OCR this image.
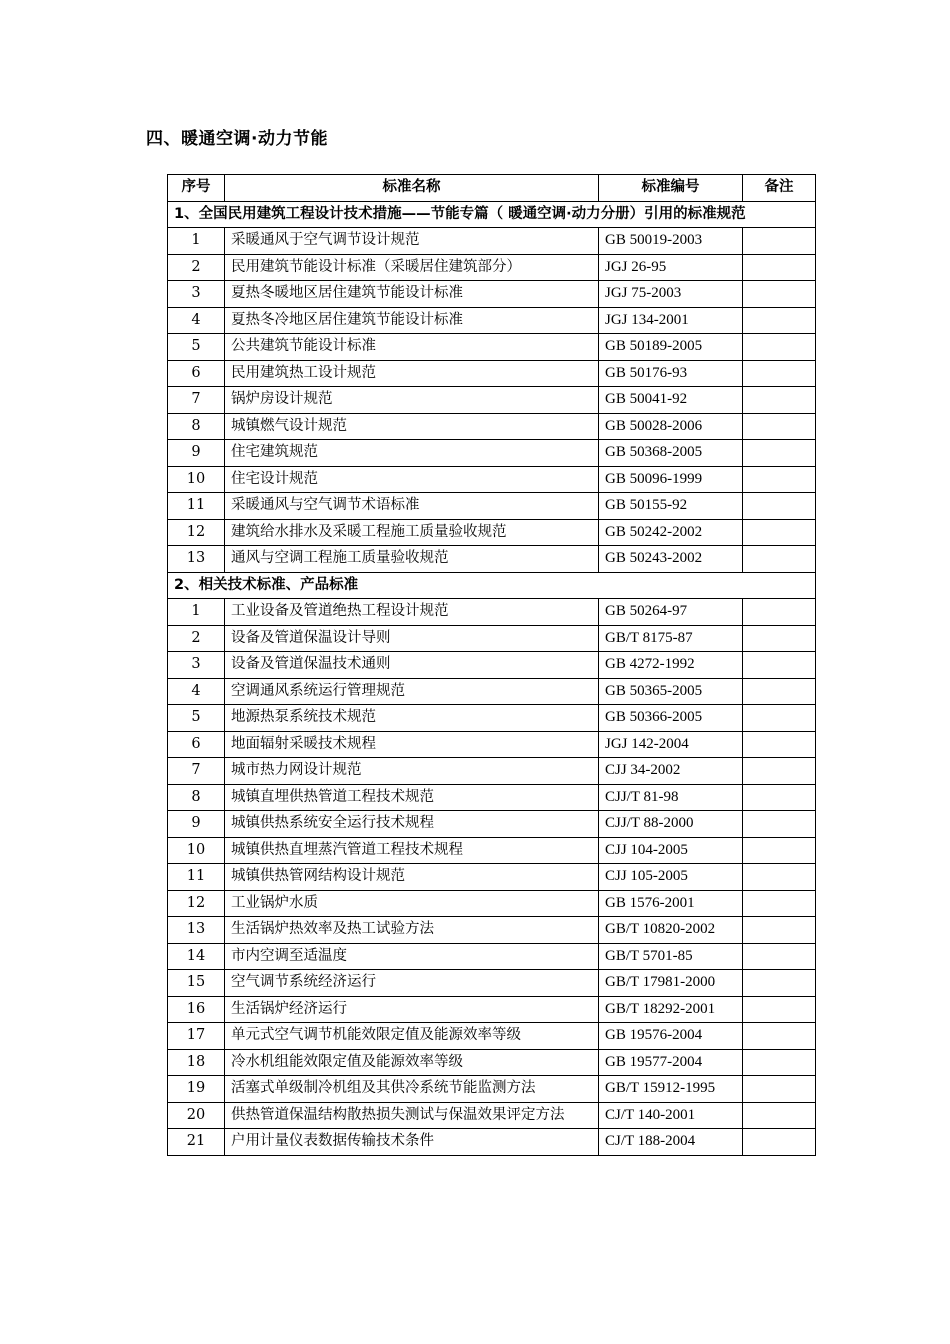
四、暖通空调·动力节能
序号	标准名称	标准编号	备注
1、全国民用建筑工程设计技术措施——节能专篇（ 暖通空调·动力分册）引用的标准规范			
1	采暖通风于空气调节设计规范	GB 50019-2003	
2	民用建筑节能设计标准（采暖居住建筑部分）	JGJ 26-95	
3	夏热冬暖地区居住建筑节能设计标准	JGJ 75-2003	
4	夏热冬冷地区居住建筑节能设计标准	JGJ 134-2001	
5	公共建筑节能设计标准	GB 50189-2005	
6	民用建筑热工设计规范	GB 50176-93	
7	锅炉房设计规范	GB 50041-92	
8	城镇燃气设计规范	GB 50028-2006	
9	住宅建筑规范	GB 50368-2005	
10	住宅设计规范	GB 50096-1999	
11	采暖通风与空气调节术语标准	GB 50155-92	
12	建筑给水排水及采暖工程施工质量验收规范	GB 50242-2002	
13	通风与空调工程施工质量验收规范	GB 50243-2002	
2、相关技术标准、产品标准			
1	工业设备及管道绝热工程设计规范	GB 50264-97	
2	设备及管道保温设计导则	GB/T 8175-87	
3	设备及管道保温技术通则	GB 4272-1992	
4	空调通风系统运行管理规范	GB 50365-2005	
5	地源热泵系统技术规范	GB 50366-2005	
6	地面辐射采暖技术规程	JGJ 142-2004	
7	城市热力网设计规范	CJJ 34-2002	
8	城镇直埋供热管道工程技术规范	CJJ/T 81-98	
9	城镇供热系统安全运行技术规程	CJJ/T 88-2000	
10	城镇供热直埋蒸汽管道工程技术规程	CJJ 104-2005	
11	城镇供热管网结构设计规范	CJJ 105-2005	
12	工业锅炉水质	GB 1576-2001	
13	生活锅炉热效率及热工试验方法	GB/T 10820-2002	
14	市内空调至适温度	GB/T 5701-85	
15	空气调节系统经济运行	GB/T 17981-2000	
16	生活锅炉经济运行	GB/T 18292-2001	
17	单元式空气调节机能效限定值及能源效率等级	GB 19576-2004	
18	冷水机组能效限定值及能源效率等级	GB 19577-2004	
19	活塞式单级制冷机组及其供冷系统节能监测方法	GB/T 15912-1995	
20	供热管道保温结构散热损失测试与保温效果评定方法	CJ/T 140-2001	
21	户用计量仪表数据传输技术条件	CJ/T 188-2004	
